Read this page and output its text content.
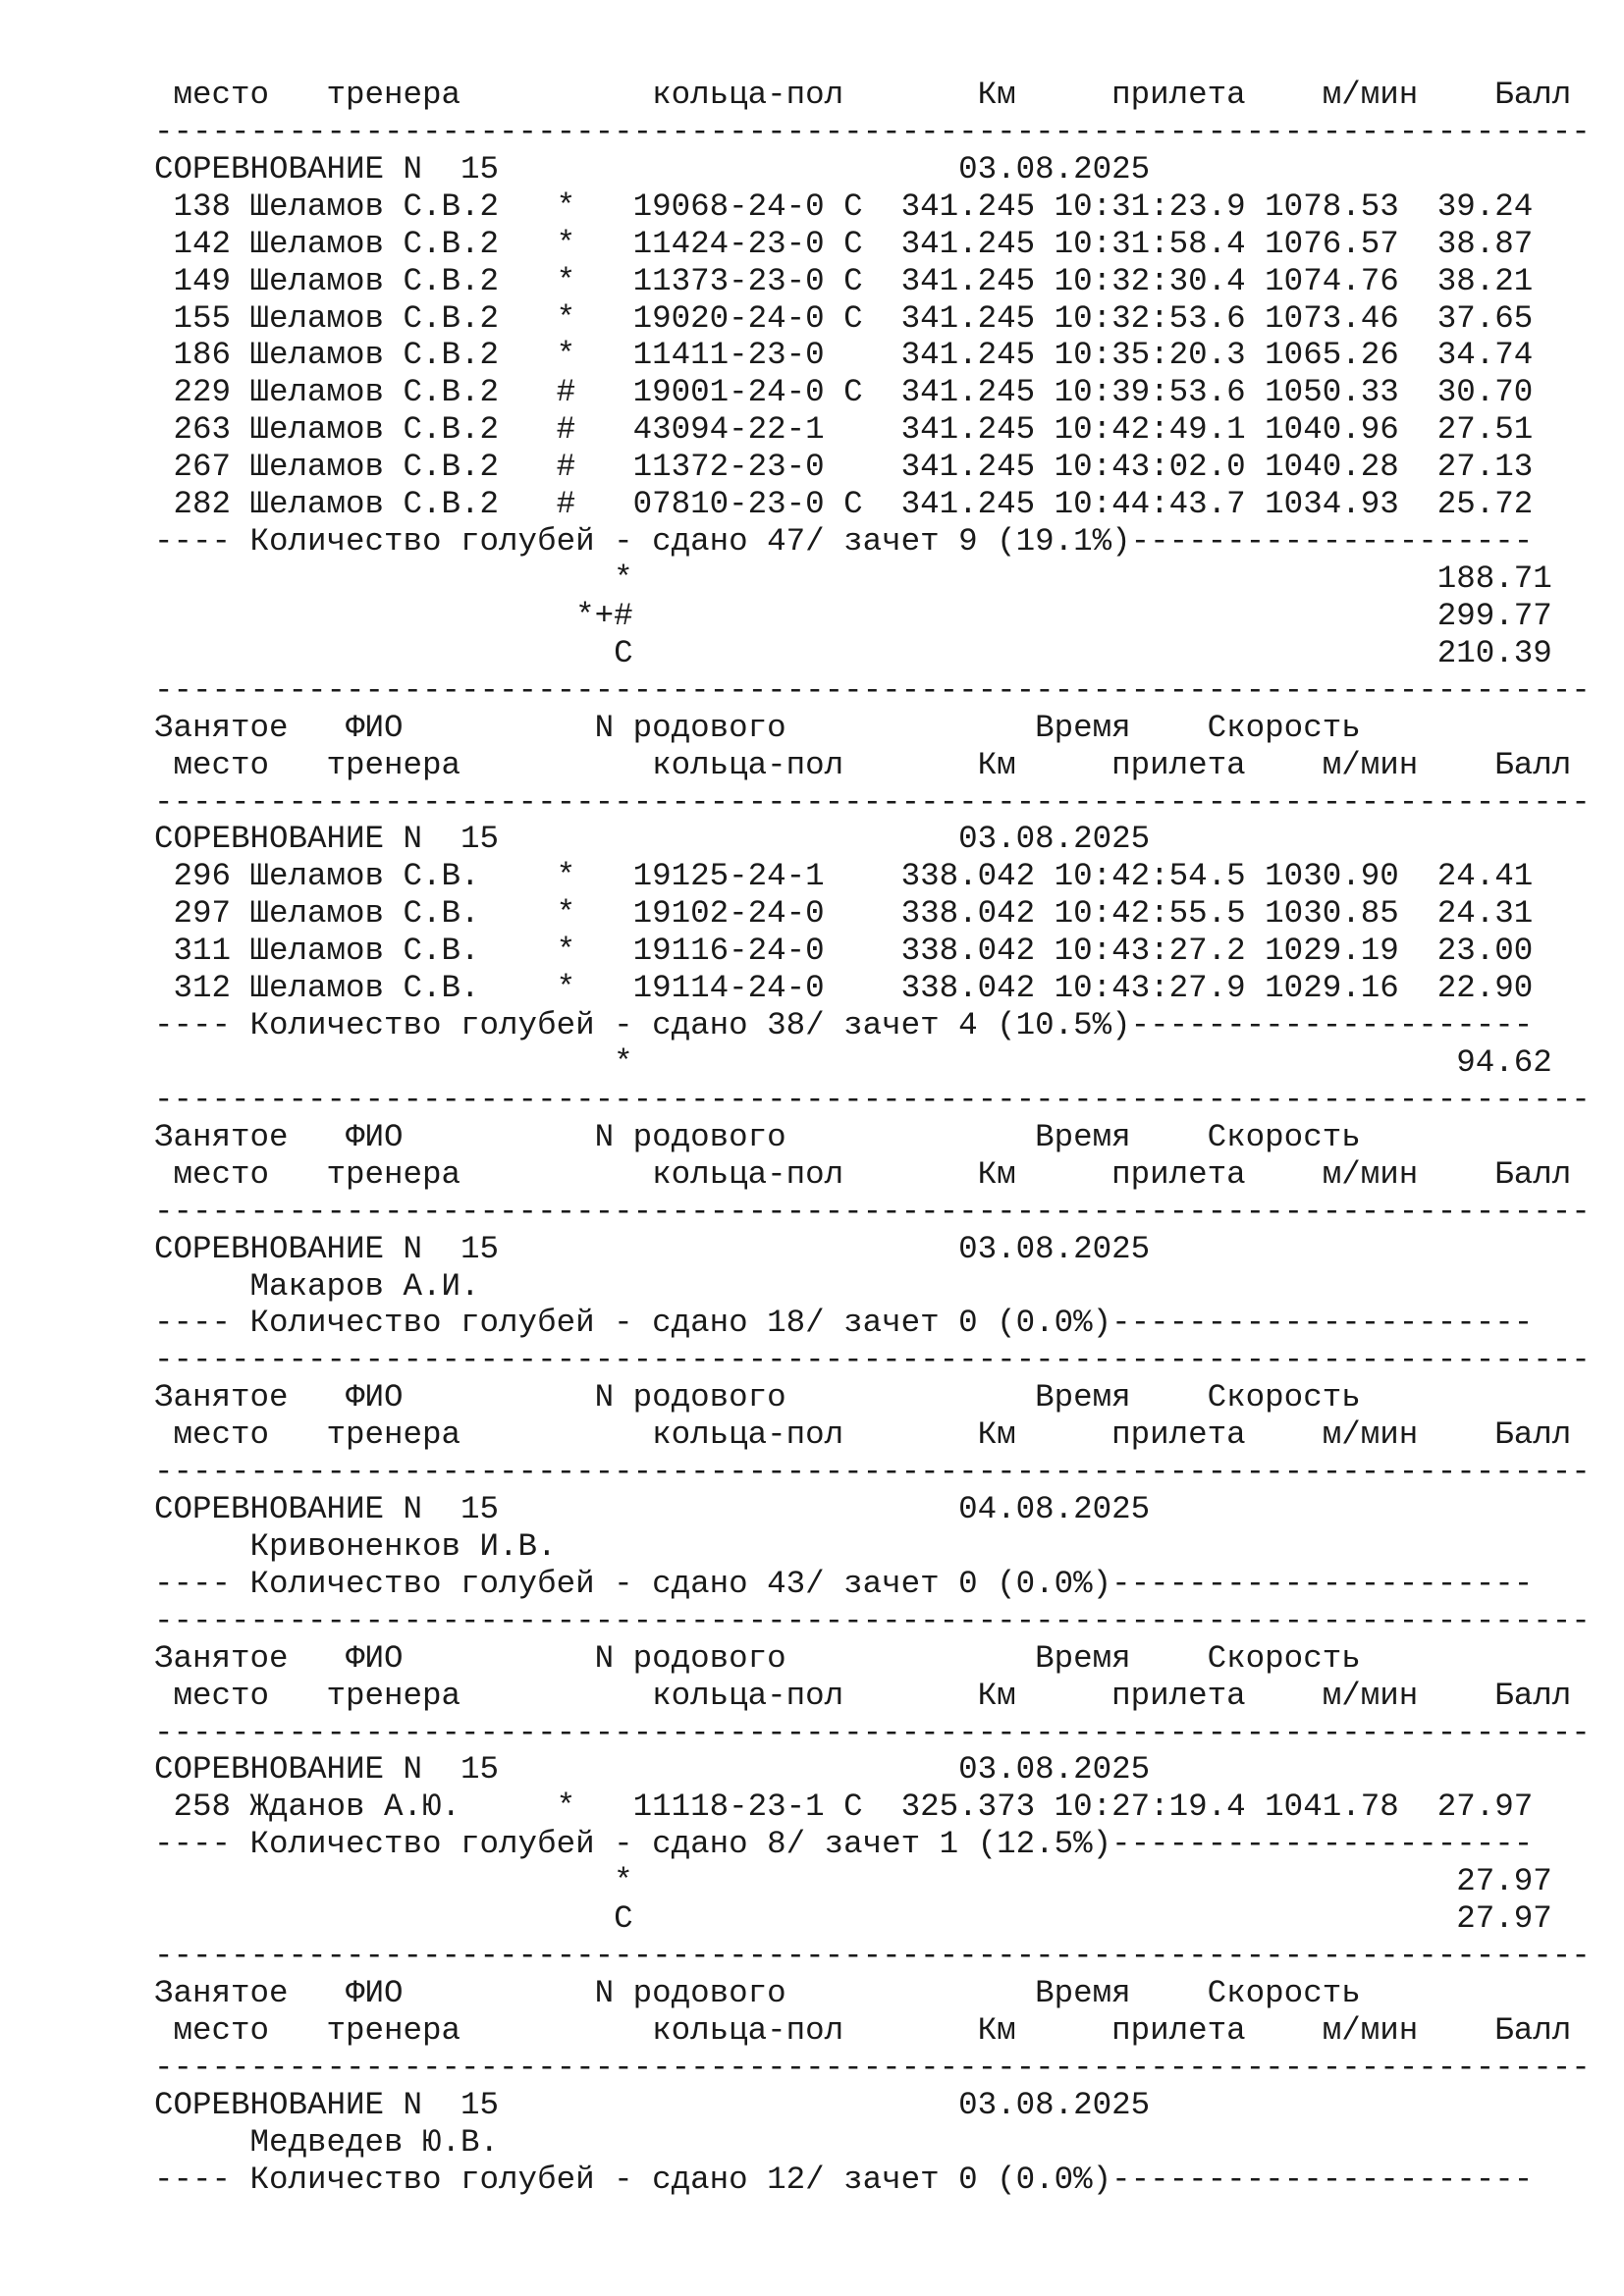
место   тренера          кольца-пол       Км     прилета    м/мин    Балл
---------------------------------------------------------------------------
СОРЕВНОВАНИЕ N  15                        03.08.2025
138 Шеламов С.В.2   *   19068-24-0 С  341.245 10:31:23.9 1078.53  39.24
142 Шеламов С.В.2   *   11424-23-0 С  341.245 10:31:58.4 1076.57  38.87
149 Шеламов С.В.2   *   11373-23-0 С  341.245 10:32:30.4 1074.76  38.21
155 Шеламов С.В.2   *   19020-24-0 С  341.245 10:32:53.6 1073.46  37.65
186 Шеламов С.В.2   *   11411-23-0    341.245 10:35:20.3 1065.26  34.74
229 Шеламов С.В.2   #   19001-24-0 С  341.245 10:39:53.6 1050.33  30.70
263 Шеламов С.В.2   #   43094-22-1    341.245 10:42:49.1 1040.96  27.51
267 Шеламов С.В.2   #   11372-23-0    341.245 10:43:02.0 1040.28  27.13
282 Шеламов С.В.2   #   07810-23-0 С  341.245 10:44:43.7 1034.93  25.72
---- Количество голубей - сдано 47/ зачет 9 (19.1%)---------------------
*                                          188.71
*+#                                          299.77
С                                          210.39
---------------------------------------------------------------------------
Занятое   ФИО          N родового             Время    Скорость
место   тренера          кольца-пол       Км     прилета    м/мин    Балл
---------------------------------------------------------------------------
СОРЕВНОВАНИЕ N  15                        03.08.2025
296 Шеламов С.В.    *   19125-24-1    338.042 10:42:54.5 1030.90  24.41
297 Шеламов С.В.    *   19102-24-0    338.042 10:42:55.5 1030.85  24.31
311 Шеламов С.В.    *   19116-24-0    338.042 10:43:27.2 1029.19  23.00
312 Шеламов С.В.    *   19114-24-0    338.042 10:43:27.9 1029.16  22.90
---- Количество голубей - сдано 38/ зачет 4 (10.5%)---------------------
*                                           94.62
---------------------------------------------------------------------------
Занятое   ФИО          N родового             Время    Скорость
место   тренера          кольца-пол       Км     прилета    м/мин    Балл
---------------------------------------------------------------------------
СОРЕВНОВАНИЕ N  15                        03.08.2025
Макаров А.И.
---- Количество голубей - сдано 18/ зачет 0 (0.0%)----------------------
---------------------------------------------------------------------------
Занятое   ФИО          N родового             Время    Скорость
место   тренера          кольца-пол       Км     прилета    м/мин    Балл
---------------------------------------------------------------------------
СОРЕВНОВАНИЕ N  15                        04.08.2025
Кривоненков И.В.
---- Количество голубей - сдано 43/ зачет 0 (0.0%)----------------------
---------------------------------------------------------------------------
Занятое   ФИО          N родового             Время    Скорость
место   тренера          кольца-пол       Км     прилета    м/мин    Балл
---------------------------------------------------------------------------
СОРЕВНОВАНИЕ N  15                        03.08.2025
258 Жданов А.Ю.     *   11118-23-1 С  325.373 10:27:19.4 1041.78  27.97
---- Количество голубей - сдано 8/ зачет 1 (12.5%)----------------------
*                                           27.97
С                                           27.97
---------------------------------------------------------------------------
Занятое   ФИО          N родового             Время    Скорость
место   тренера          кольца-пол       Км     прилета    м/мин    Балл
---------------------------------------------------------------------------
СОРЕВНОВАНИЕ N  15                        03.08.2025
Медведев Ю.В.
---- Количество голубей - сдано 12/ зачет 0 (0.0%)----------------------
